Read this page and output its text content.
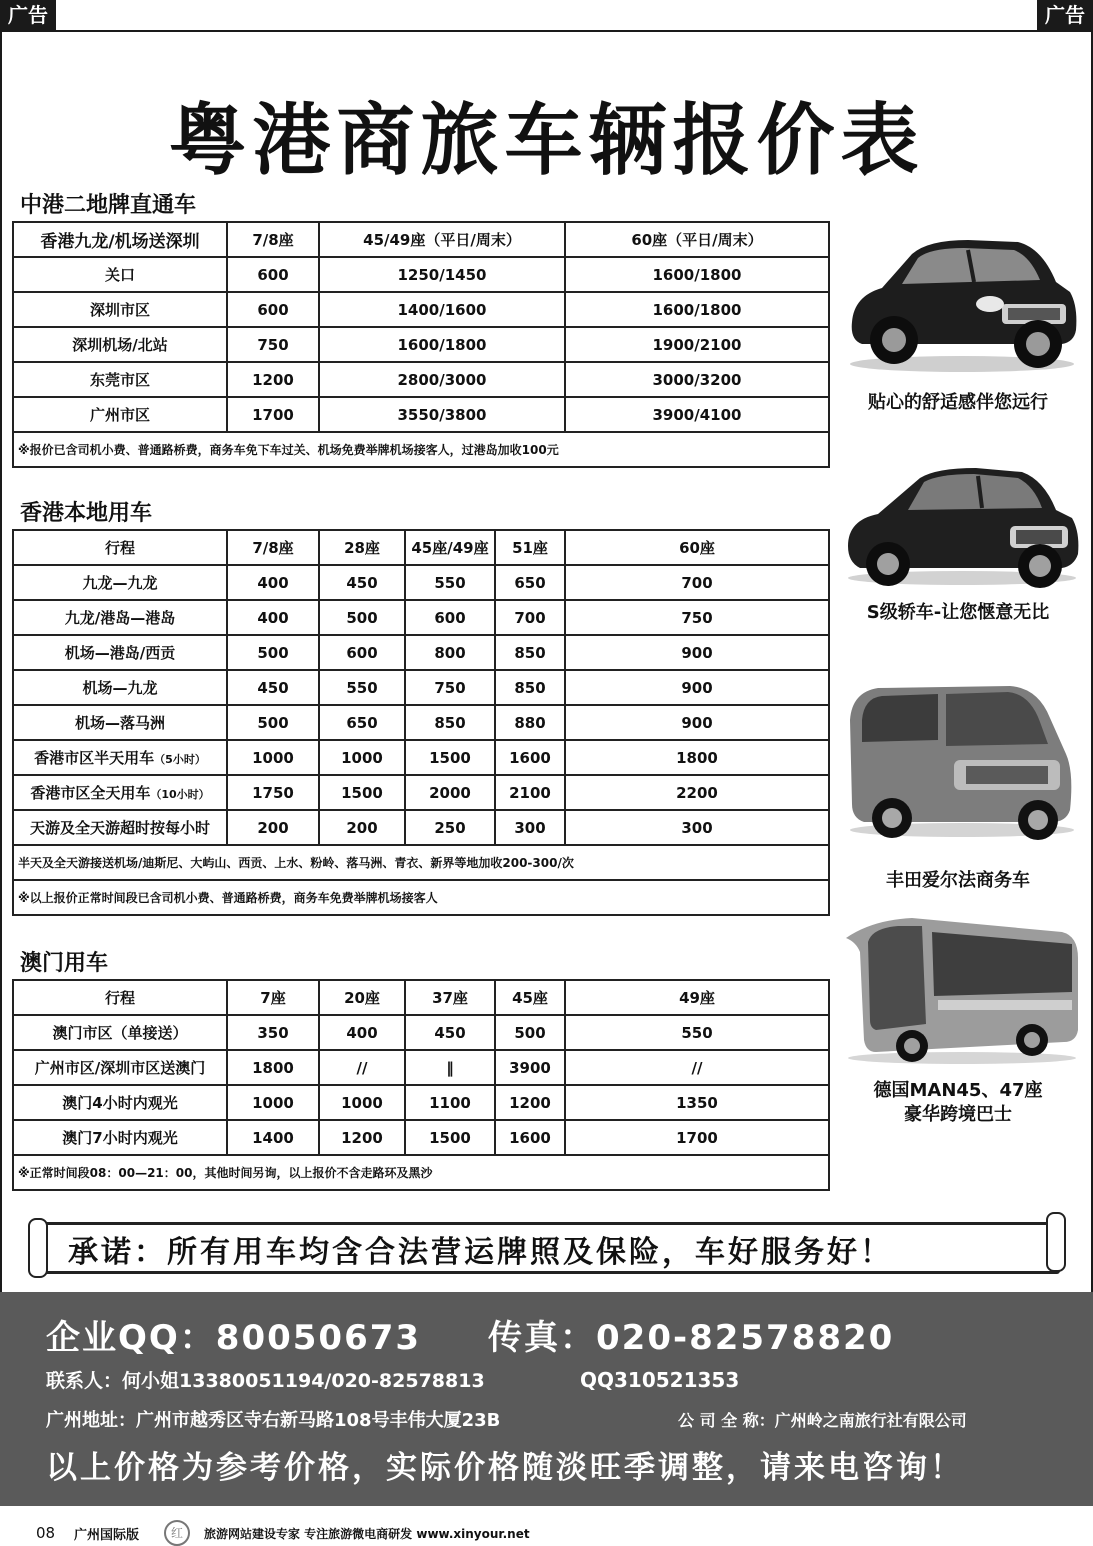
广告	广告
粤港商旅车辆报价表
中港二地牌直通车
香港九龙/机场送深圳	7/8座	45/49座（平日/周末）	60座（平日/周末）
关口	600	1250/1450	1600/1800
深圳市区	600	1400/1600	1600/1800
深圳机场/北站	750	1600/1800	1900/2100
东莞市区	1200	2800/3000	3000/3200
广州市区	1700	3550/3800	3900/4100
※报价已含司机小费、普通路桥费，商务车免下车过关、机场免费举牌机场接客人，过港岛加收100元			
香港本地用车
行程	7/8座	28座	45座/49座	51座	60座
九龙—九龙	400	450	550	650	700
九龙/港岛—港岛	400	500	600	700	750
机场—港岛/西贡	500	600	800	850	900
机场—九龙	450	550	750	850	900
机场—落马洲	500	650	850	880	900
香港市区半天用车（5小时）	1000	1000	1500	1600	1800
香港市区全天用车（10小时）	1750	1500	2000	2100	2200
天游及全天游超时按每小时	200	200	250	300	300
半天及全天游接送机场/迪斯尼、大屿山、西贡、上水、粉岭、落马洲、青衣、新界等地加收200-300/次					
※以上报价正常时间段已含司机小费、普通路桥费，商务车免费举牌机场接客人					
澳门用车
行程	7座	20座	37座	45座	49座
澳门市区（单接送）	350	400	450	500	550
广州市区/深圳市区送澳门	1800	//	‖	3900	//
澳门4小时内观光	1000	1000	1100	1200	1350
澳门7小时内观光	1400	1200	1500	1600	1700
※正常时间段08：00—21：00，其他时间另询，以上报价不含走路环及黑沙					
贴心的舒适感伴您远行
S级轿车-让您惬意无比
丰田爱尔法商务车
德国MAN45、47座
豪华跨境巴士
承诺：所有用车均含合法营运牌照及保险，车好服务好！
企业QQ：80050673 传真：020-82578820
联系人：何小姐13380051194/020-82578813	QQ310521353
广州地址：广州市越秀区寺右新马路108号丰伟大厦23B	公 司 全 称：广州岭之南旅行社有限公司
以上价格为参考价格，实际价格随淡旺季调整，请来电咨询！
08 广州国际版	红	旅游网站建设专家 专注旅游微电商研发 www.xinyour.net
